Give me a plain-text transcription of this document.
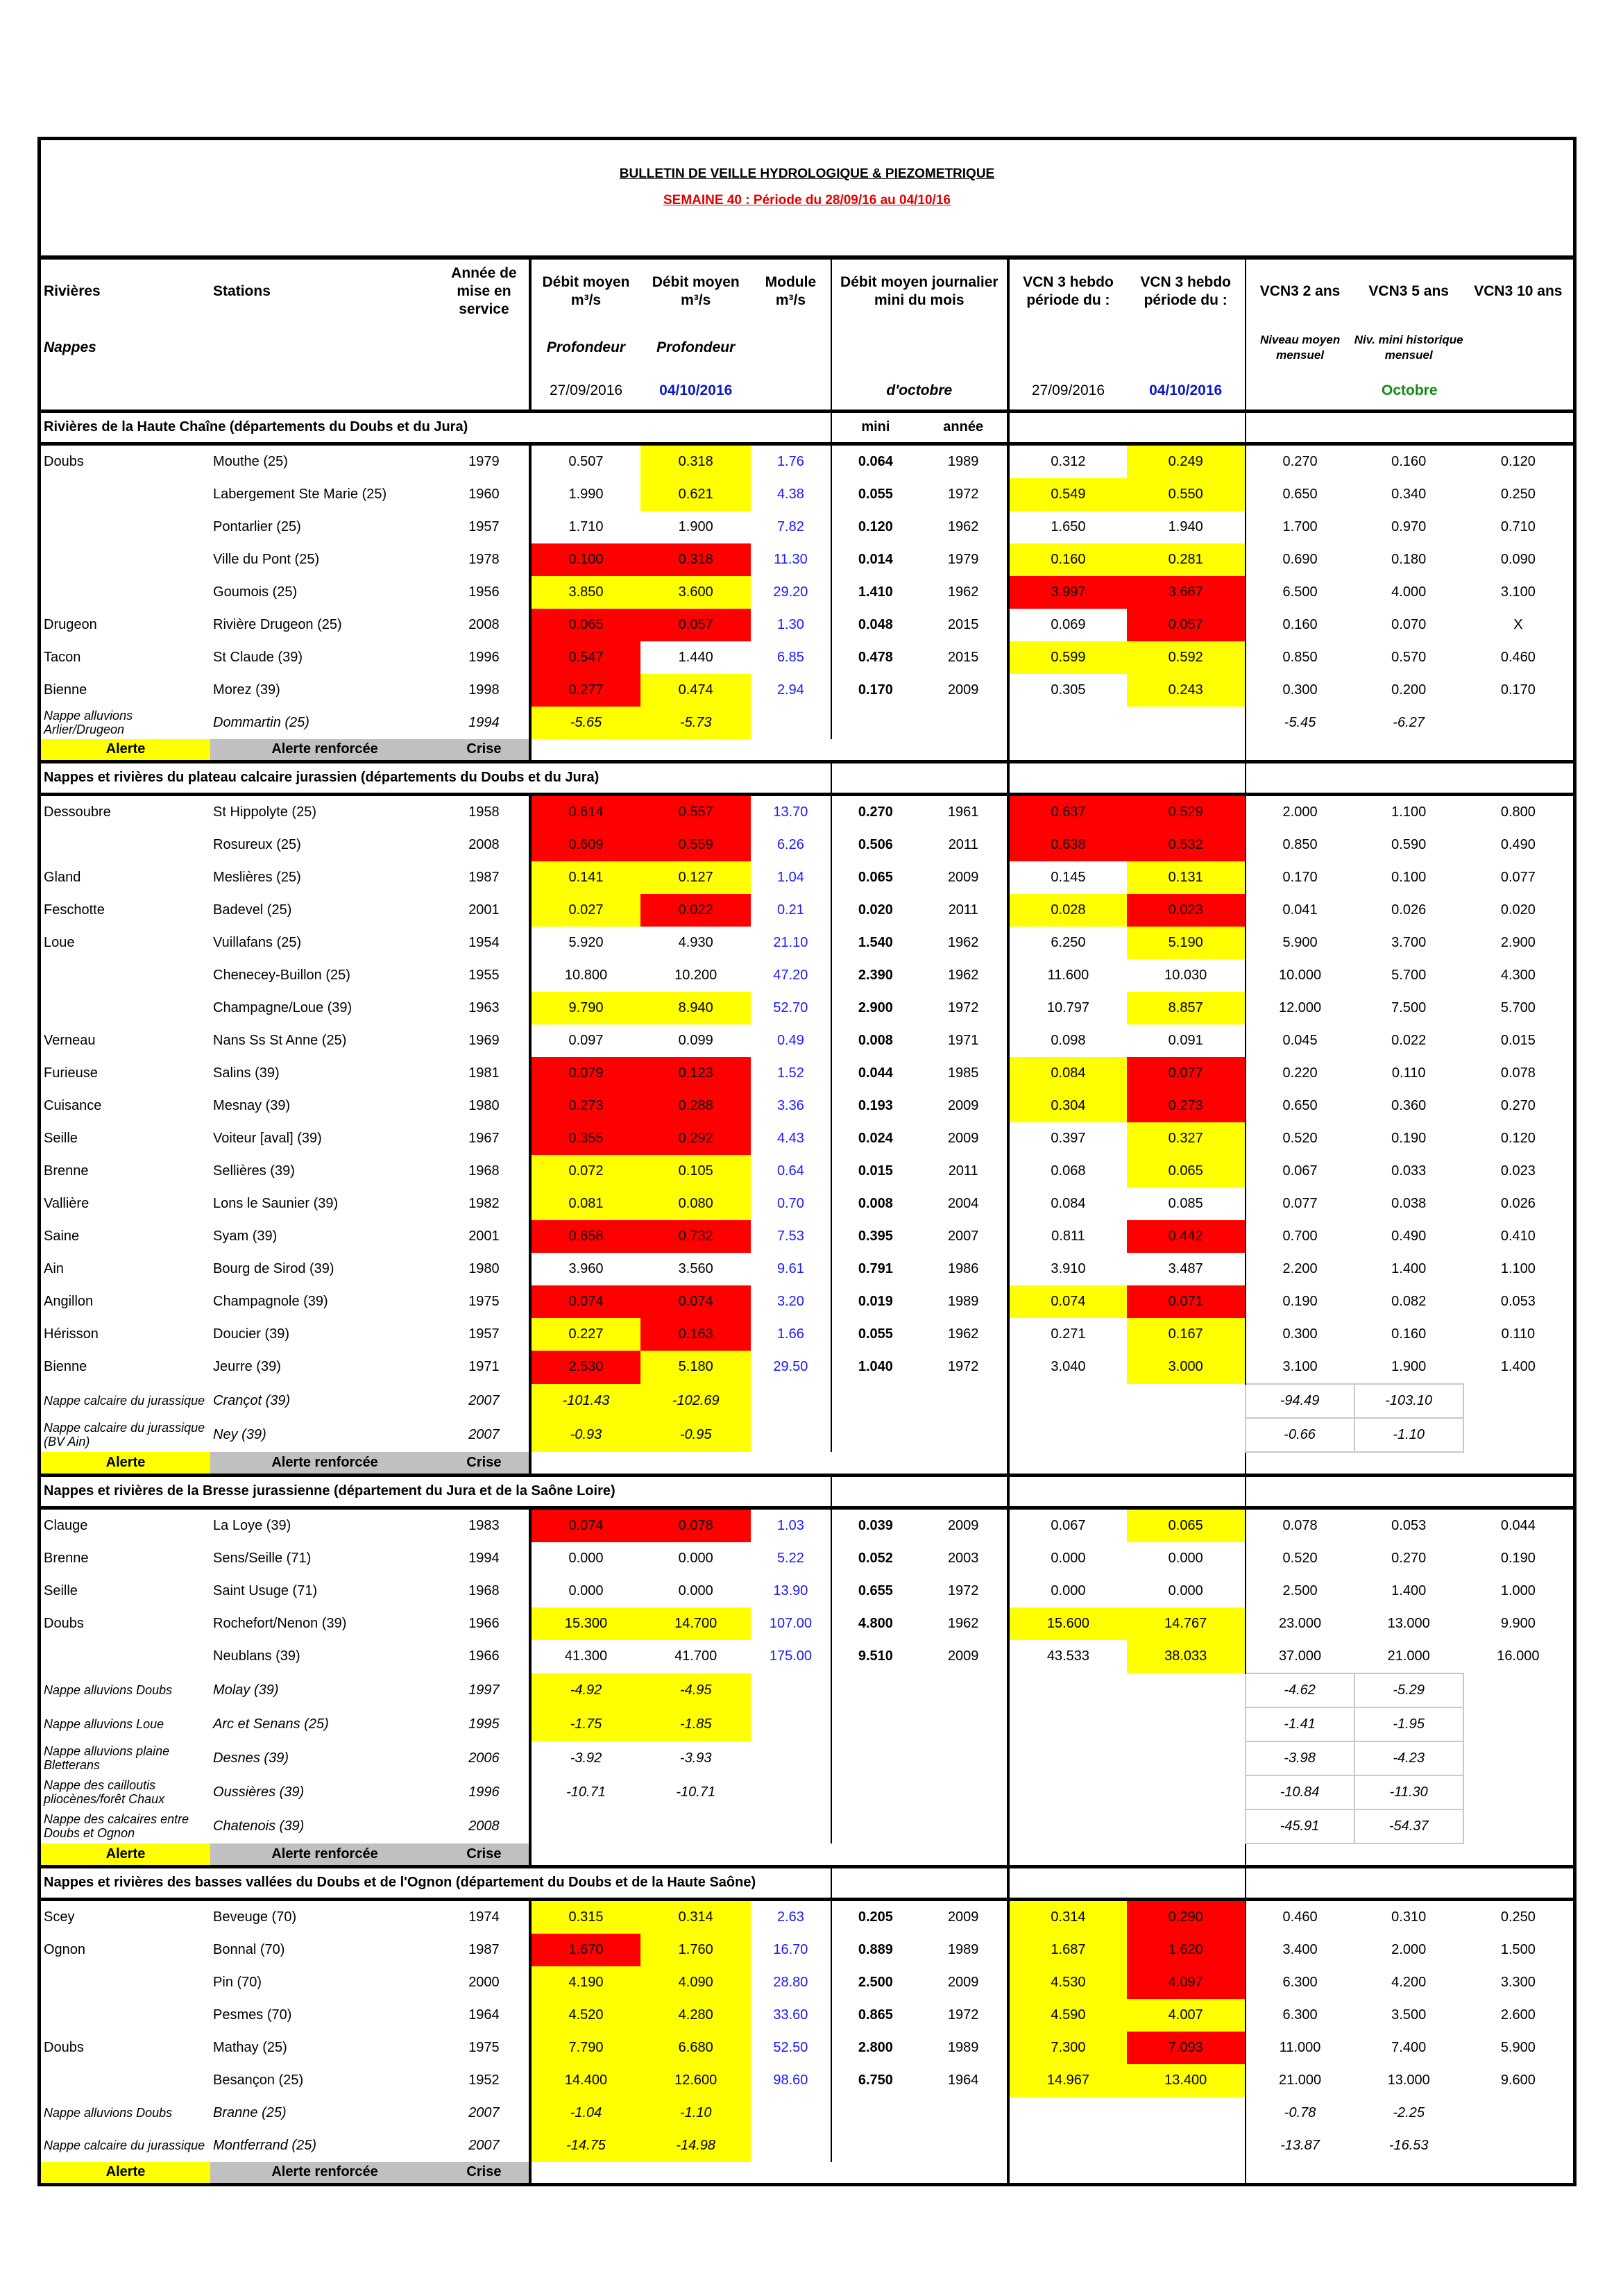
BULLETIN DE VEILLE HYDROLOGIQUE & PIEZOMETRIQUE
SEMAINE 40 : Période du 28/09/16 au 04/10/16
Rivières	Stations	Année de mise en service	Débit moyen m³/s	Débit moyen m³/s	Module m³/s	Débit moyen journalier mini du mois		VCN 3 hebdo période du :	VCN 3 hebdo période du :	VCN3 2 ans	VCN3 5 ans	VCN3 10 ans
Nappes			Profondeur	Profondeur						Niveau moyen mensuel	Niv. mini historique mensuel	
			27/09/2016	04/10/2016		d'octobre		27/09/2016	04/10/2016	Octobre		
Rivières de la Haute Chaîne (départements du Doubs et du Jura)						mini	année					
Doubs	Mouthe (25)	1979	0.507	0.318	1.76	0.064	1989	0.312	0.249	0.270	0.160	0.120
	Labergement Ste Marie (25)	1960	1.990	0.621	4.38	0.055	1972	0.549	0.550	0.650	0.340	0.250
	Pontarlier (25)	1957	1.710	1.900	7.82	0.120	1962	1.650	1.940	1.700	0.970	0.710
	Ville du Pont (25)	1978	0.100	0.318	11.30	0.014	1979	0.160	0.281	0.690	0.180	0.090
	Goumois (25)	1956	3.850	3.600	29.20	1.410	1962	3.997	3.667	6.500	4.000	3.100
Drugeon	Rivière Drugeon (25)	2008	0.065	0.057	1.30	0.048	2015	0.069	0.057	0.160	0.070	X
Tacon	St Claude (39)	1996	0.547	1.440	6.85	0.478	2015	0.599	0.592	0.850	0.570	0.460
Bienne	Morez (39)	1998	0.277	0.474	2.94	0.170	2009	0.305	0.243	0.300	0.200	0.170
Nappe alluvions Arlier/Drugeon	Dommartin (25)	1994	-5.65	-5.73						-5.45	-6.27	
Alerte	Alerte renforcée	Crise										
Nappes et rivières du plateau calcaire jurassien (départements du Doubs et du Jura)												
Dessoubre	St Hippolyte (25)	1958	0.614	0.557	13.70	0.270	1961	0.637	0.529	2.000	1.100	0.800
	Rosureux (25)	2008	0.609	0.559	6.26	0.506	2011	0.638	0.532	0.850	0.590	0.490
Gland	Meslières (25)	1987	0.141	0.127	1.04	0.065	2009	0.145	0.131	0.170	0.100	0.077
Feschotte	Badevel (25)	2001	0.027	0.022	0.21	0.020	2011	0.028	0.023	0.041	0.026	0.020
Loue	Vuillafans (25)	1954	5.920	4.930	21.10	1.540	1962	6.250	5.190	5.900	3.700	2.900
	Chenecey-Buillon (25)	1955	10.800	10.200	47.20	2.390	1962	11.600	10.030	10.000	5.700	4.300
	Champagne/Loue (39)	1963	9.790	8.940	52.70	2.900	1972	10.797	8.857	12.000	7.500	5.700
Verneau	Nans Ss St Anne (25)	1969	0.097	0.099	0.49	0.008	1971	0.098	0.091	0.045	0.022	0.015
Furieuse	Salins (39)	1981	0.079	0.123	1.52	0.044	1985	0.084	0.077	0.220	0.110	0.078
Cuisance	Mesnay (39)	1980	0.273	0.288	3.36	0.193	2009	0.304	0.273	0.650	0.360	0.270
Seille	Voiteur [aval] (39)	1967	0.355	0.292	4.43	0.024	2009	0.397	0.327	0.520	0.190	0.120
Brenne	Sellières (39)	1968	0.072	0.105	0.64	0.015	2011	0.068	0.065	0.067	0.033	0.023
Vallière	Lons le Saunier (39)	1982	0.081	0.080	0.70	0.008	2004	0.084	0.085	0.077	0.038	0.026
Saine	Syam (39)	2001	0.658	0.732	7.53	0.395	2007	0.811	0.442	0.700	0.490	0.410
Ain	Bourg de Sirod (39)	1980	3.960	3.560	9.61	0.791	1986	3.910	3.487	2.200	1.400	1.100
Angillon	Champagnole (39)	1975	0.074	0.074	3.20	0.019	1989	0.074	0.071	0.190	0.082	0.053
Hérisson	Doucier (39)	1957	0.227	0.163	1.66	0.055	1962	0.271	0.167	0.300	0.160	0.110
Bienne	Jeurre (39)	1971	2.530	5.180	29.50	1.040	1972	3.040	3.000	3.100	1.900	1.400
Nappe calcaire du jurassique	Crançot (39)	2007	-101.43	-102.69						-94.49	-103.10	
Nappe calcaire du jurassique (BV Ain)	Ney (39)	2007	-0.93	-0.95						-0.66	-1.10	
Alerte	Alerte renforcée	Crise										
Nappes et rivières de la Bresse jurassienne (département du Jura et de la Saône Loire)												
Clauge	La Loye (39)	1983	0.074	0.078	1.03	0.039	2009	0.067	0.065	0.078	0.053	0.044
Brenne	Sens/Seille (71)	1994	0.000	0.000	5.22	0.052	2003	0.000	0.000	0.520	0.270	0.190
Seille	Saint Usuge (71)	1968	0.000	0.000	13.90	0.655	1972	0.000	0.000	2.500	1.400	1.000
Doubs	Rochefort/Nenon (39)	1966	15.300	14.700	107.00	4.800	1962	15.600	14.767	23.000	13.000	9.900
	Neublans (39)	1966	41.300	41.700	175.00	9.510	2009	43.533	38.033	37.000	21.000	16.000
Nappe alluvions Doubs	Molay (39)	1997	-4.92	-4.95						-4.62	-5.29	
Nappe alluvions Loue	Arc et Senans (25)	1995	-1.75	-1.85						-1.41	-1.95	
Nappe alluvions plaine Bletterans	Desnes (39)	2006	-3.92	-3.93						-3.98	-4.23	
Nappe des cailloutis pliocènes/forêt Chaux	Oussières (39)	1996	-10.71	-10.71						-10.84	-11.30	
Nappe des calcaires entre Doubs et Ognon	Chatenois (39)	2008								-45.91	-54.37	
Alerte	Alerte renforcée	Crise										
Nappes et rivières des basses vallées du Doubs et de l'Ognon (département du Doubs et de la Haute Saône)												
Scey	Beveuge (70)	1974	0.315	0.314	2.63	0.205	2009	0.314	0.290	0.460	0.310	0.250
Ognon	Bonnal (70)	1987	1.670	1.760	16.70	0.889	1989	1.687	1.620	3.400	2.000	1.500
	Pin (70)	2000	4.190	4.090	28.80	2.500	2009	4.530	4.097	6.300	4.200	3.300
	Pesmes (70)	1964	4.520	4.280	33.60	0.865	1972	4.590	4.007	6.300	3.500	2.600
Doubs	Mathay (25)	1975	7.790	6.680	52.50	2.800	1989	7.300	7.093	11.000	7.400	5.900
	Besançon (25)	1952	14.400	12.600	98.60	6.750	1964	14.967	13.400	21.000	13.000	9.600
Nappe alluvions Doubs	Branne (25)	2007	-1.04	-1.10						-0.78	-2.25	
Nappe calcaire du jurassique	Montferrand (25)	2007	-14.75	-14.98						-13.87	-16.53	
Alerte	Alerte renforcée	Crise										
